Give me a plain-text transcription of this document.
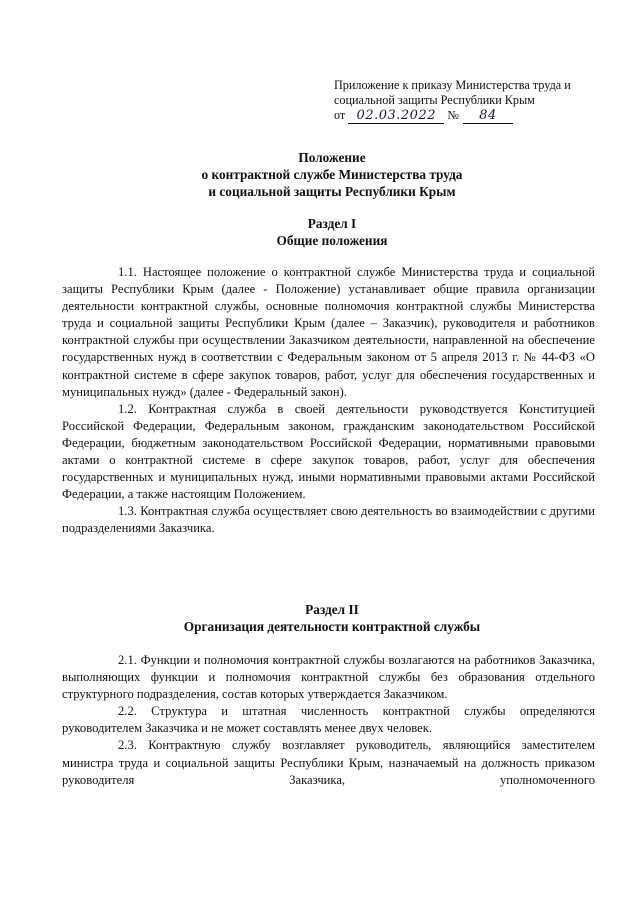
Приложение к приказу Министерства труда и
социальной защиты Республики Крым
от 02.03.2022 № 84
Положение
о контрактной службе Министерства труда
и социальной защиты Республики Крым
Раздел I
Общие положения

1.1. Настоящее положение о контрактной службе Министерства труда и социальной защиты Республики Крым (далее - Положение) устанавливает общие правила организации деятельности контрактной службы, основные полномочия контрактной службы Министерства труда и социальной защиты Республики Крым (далее – Заказчик), руководителя и работников контрактной службы при осуществлении Заказчиком деятельности, направленной на обеспечение государственных нужд в соответствии с Федеральным законом от 5 апреля 2013 г. № 44-ФЗ «О контрактной системе в сфере закупок товаров, работ, услуг для обеспечения государственных и муниципальных нужд» (далее - Федеральный закон).

1.2. Контрактная служба в своей деятельности руководствуется Конституцией Российской Федерации, Федеральным законом, гражданским законодательством Российской Федерации, бюджетным законодательством Российской Федерации, нормативными правовыми актами о контрактной системе в сфере закупок товаров, работ, услуг для обеспечения государственных и муниципальных нужд, иными нормативными правовыми актами Российской Федерации, а также настоящим Положением.

1.3. Контрактная служба осуществляет свою деятельность во взаимодействии с другими подразделениями Заказчика.

Раздел II
Организация деятельности контрактной службы

2.1. Функции и полномочия контрактной службы возлагаются на работников Заказчика, выполняющих функции и полномочия контрактной службы без образования отдельного структурного подразделения, состав которых утверждается Заказчиком.

2.2. Структура и штатная численность контрактной службы определяются руководителем Заказчика и не может составлять менее двух человек.

2.3. Контрактную службу возглавляет руководитель, являющийся заместителем министра труда и социальной защиты Республики Крым, назначаемый на должность приказом руководителя Заказчика, уполномоченного
